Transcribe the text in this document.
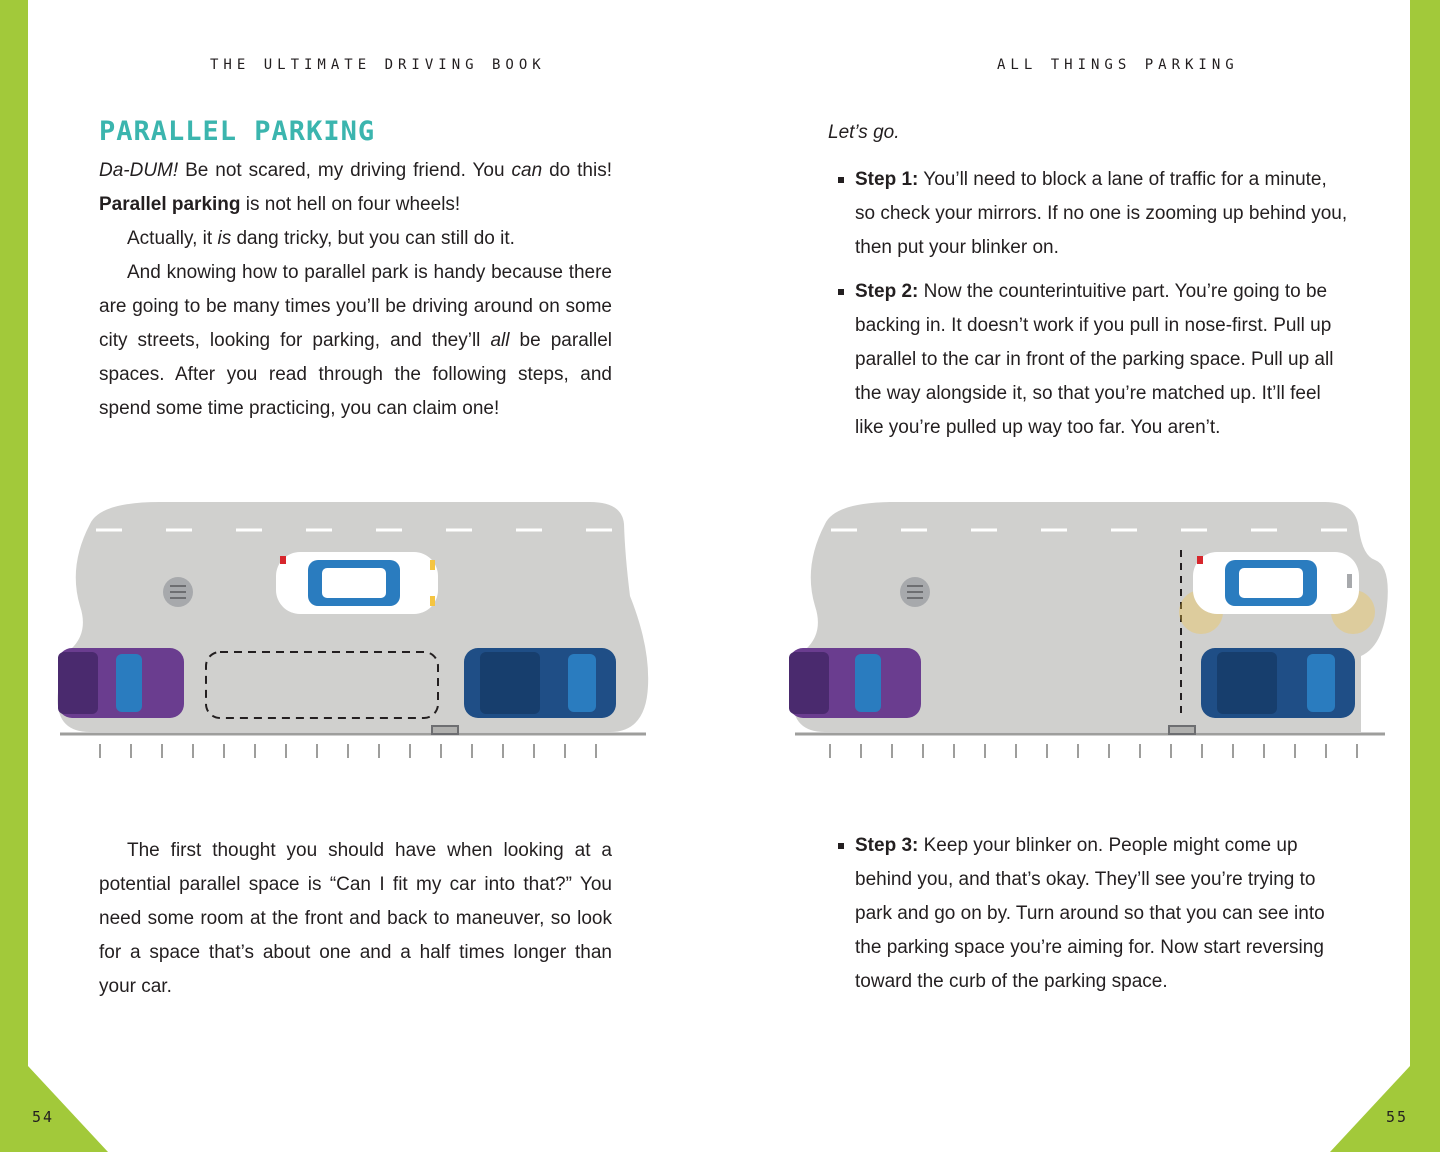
THE ULTIMATE DRIVING BOOK	ALL THINGS PARKING
PARALLEL PARKING

Da-DUM! Be not scared, my driving friend. You can do this! Parallel parking is not hell on four wheels!

Actually, it is dang tricky, but you can still do it.

And knowing how to parallel park is handy because there are going to be many times you’ll be driving around on some city streets, looking for parking, and they’ll all be parallel spaces. After you read through the following steps, and spend some time practicing, you can claim one!

The first thought you should have when looking at a potential parallel space is “Can I fit my car into that?” You need some room at the front and back to maneuver, so look for a space that’s about one and a half times longer than your car.

Let’s go.
Step 1: You’ll need to block a lane of traffic for a minute, so check your mirrors. If no one is zooming up behind you, then put your blinker on.
Step 2: Now the counterintuitive part. You’re going to be backing in. It doesn’t work if you pull in nose-first. Pull up parallel to the car in front of the parking space. Pull up all the way alongside it, so that you’re matched up. It’ll feel like you’re pulled up way too far. You aren’t.
Step 3: Keep your blinker on. People might come up behind you, and that’s okay. They’ll see you’re trying to park and go on by. Turn around so that you can see into the parking space you’re aiming for. Now start reversing toward the curb of the parking space.
54	55
